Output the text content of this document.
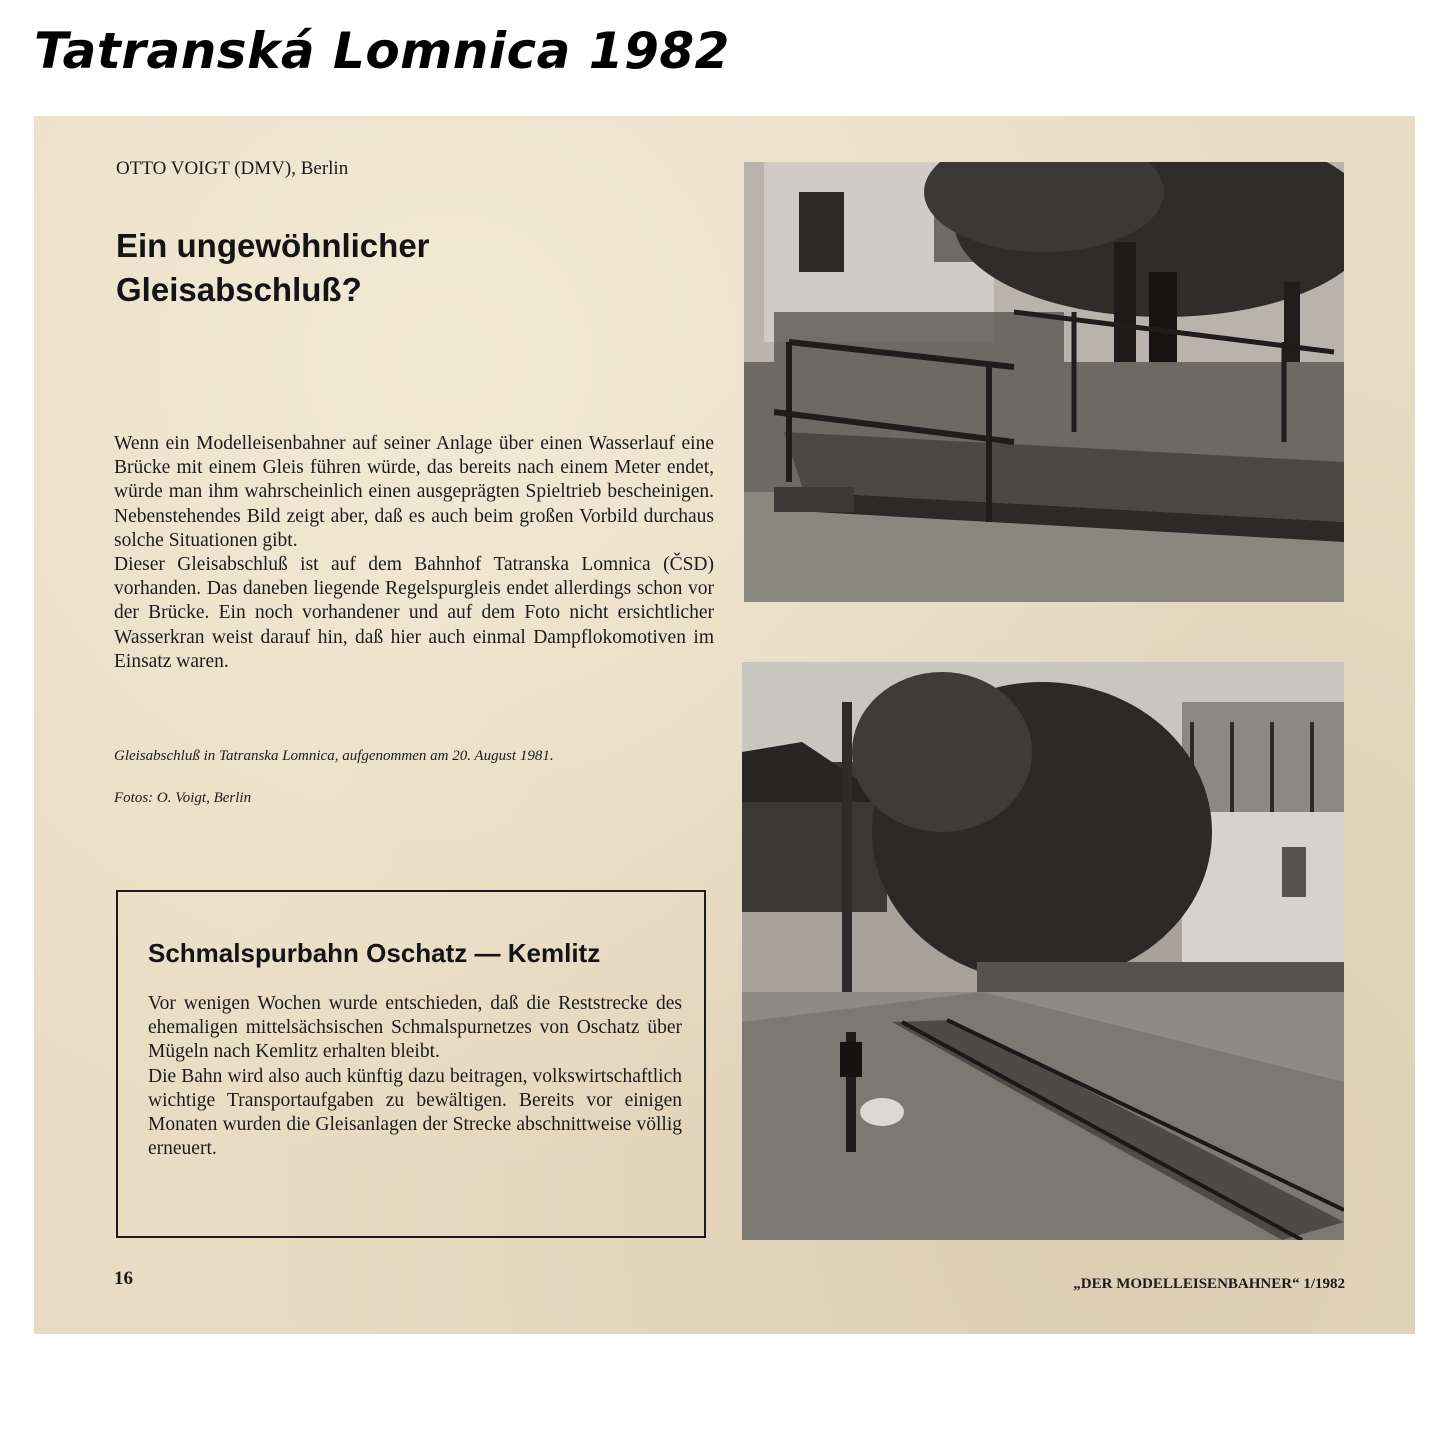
Tatranská Lomnica 1982
OTTO VOIGT (DMV), Berlin
Ein ungewöhnlicher
Gleisabschluß?

Wenn ein Modelleisenbahner auf seiner Anlage über einen Wasserlauf eine Brücke mit einem Gleis führen würde, das bereits nach einem Meter endet, würde man ihm wahrscheinlich einen ausgeprägten Spieltrieb bescheinigen. Nebenstehendes Bild zeigt aber, daß es auch beim großen Vorbild durchaus solche Situationen gibt.

Dieser Gleisabschluß ist auf dem Bahnhof Tatranska Lomnica (ČSD) vorhanden. Das daneben liegende Regelspurgleis endet allerdings schon vor der Brücke. Ein noch vorhandener und auf dem Foto nicht ersichtlicher Wasserkran weist darauf hin, daß hier auch einmal Dampflokomotiven im Einsatz waren.

Gleisabschluß in Tatranska Lomnica, aufgenommen am 20. August 1981.
Fotos: O. Voigt, Berlin
Schmalspurbahn Oschatz — Kemlitz

Vor wenigen Wochen wurde entschieden, daß die Reststrecke des ehemaligen mittelsächsischen Schmalspurnetzes von Oschatz über Mügeln nach Kemlitz erhalten bleibt.

Die Bahn wird also auch künftig dazu beitragen, volkswirtschaftlich wichtige Transportaufgaben zu bewältigen. Bereits vor einigen Monaten wurden die Gleisanlagen der Strecke abschnittweise völlig erneuert.

16	„DER MODELLEISENBAHNER“ 1/1982
